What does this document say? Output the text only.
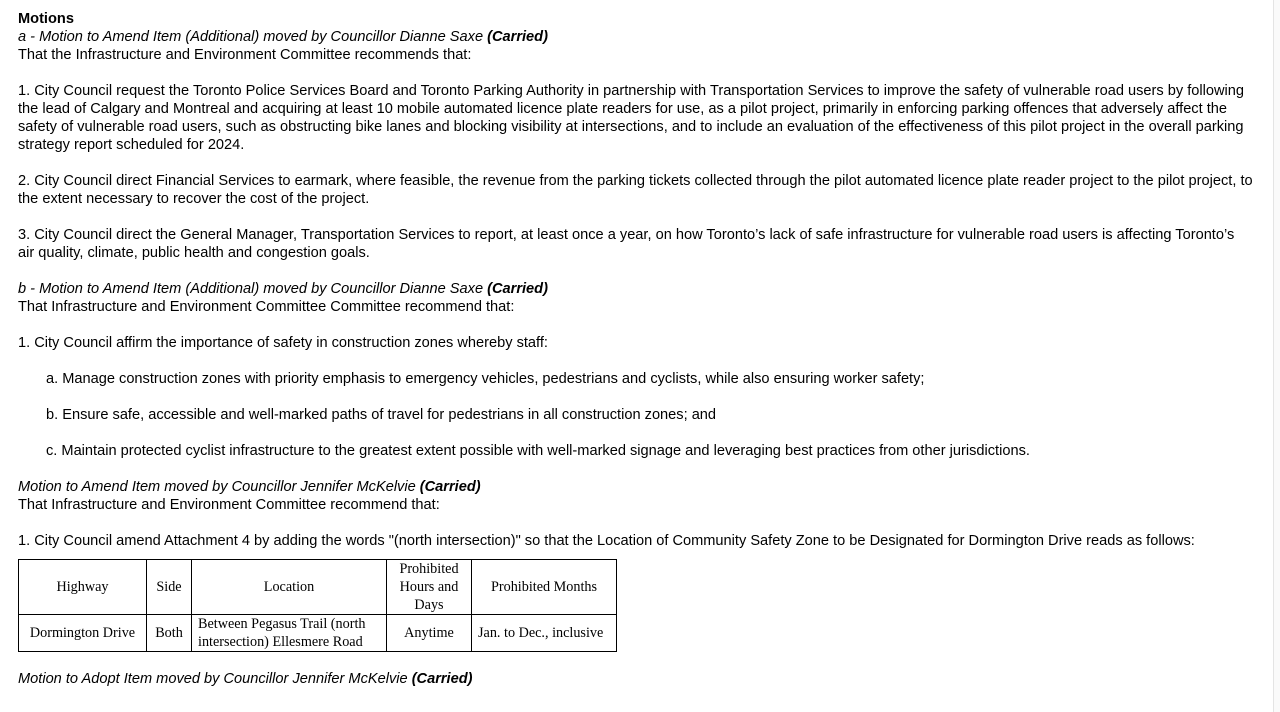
Motions

a - Motion to Amend Item (Additional) moved by Councillor Dianne Saxe (Carried)

That the Infrastructure and Environment Committee recommends that:

1. City Council request the Toronto Police Services Board and Toronto Parking Authority in partnership with Transportation Services to improve the safety of vulnerable road users by following the lead of Calgary and Montreal and acquiring at least 10 mobile automated licence plate readers for use, as a pilot project, primarily in enforcing parking offences that adversely affect the safety of vulnerable road users, such as obstructing bike lanes and blocking visibility at intersections, and to include an evaluation of the effectiveness of this pilot project in the overall parking strategy report scheduled for 2024.

2. City Council direct Financial Services to earmark, where feasible, the revenue from the parking tickets collected through the pilot automated licence plate reader project to the pilot project, to the extent necessary to recover the cost of the project.

3. City Council direct the General Manager, Transportation Services to report, at least once a year, on how Toronto’s lack of safe infrastructure for vulnerable road users is affecting Toronto’s air quality, climate, public health and congestion goals.

b - Motion to Amend Item (Additional) moved by Councillor Dianne Saxe (Carried)

That Infrastructure and Environment Committee Committee recommend that:

1. City Council affirm the importance of safety in construction zones whereby staff:

a. Manage construction zones with priority emphasis to emergency vehicles, pedestrians and cyclists, while also ensuring worker safety;

b. Ensure safe, accessible and well-marked paths of travel for pedestrians in all construction zones; and

c. Maintain protected cyclist infrastructure to the greatest extent possible with well-marked signage and leveraging best practices from other jurisdictions.

Motion to Amend Item moved by Councillor Jennifer McKelvie (Carried)

That Infrastructure and Environment Committee recommend that:

1. City Council amend Attachment 4 by adding the words "(north intersection)" so that the Location of Community Safety Zone to be Designated for Dormington Drive reads as follows:

Highway	Side	Location	Prohibited Hours and Days	Prohibited Months
Dormington Drive	Both	Between Pegasus Trail (north intersection) Ellesmere Road	Anytime	Jan. to Dec., inclusive

Motion to Adopt Item moved by Councillor Jennifer McKelvie (Carried)
